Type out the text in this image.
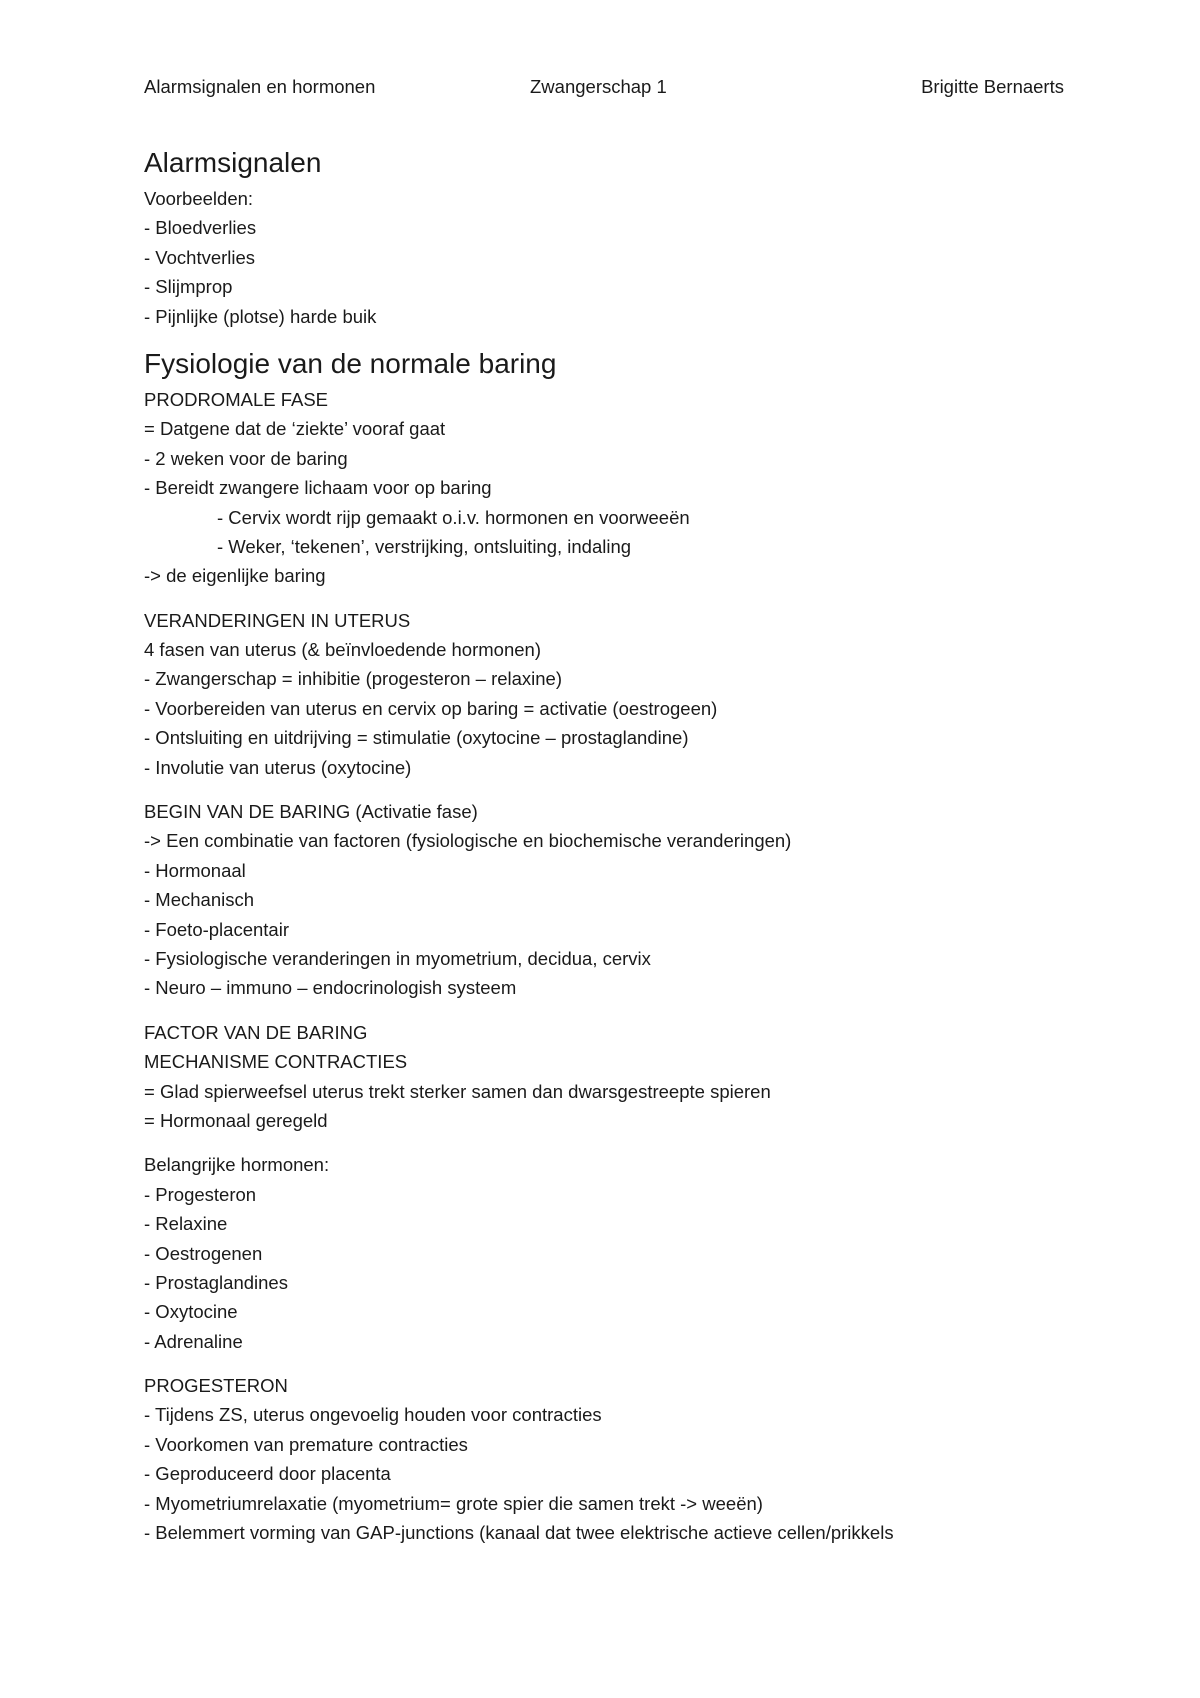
Alarmsignalen en hormonen	Zwangerschap 1	Brigitte Bernaerts
Alarmsignalen
Voorbeelden:
- Bloedverlies
- Vochtverlies
- Slijmprop
- Pijnlijke (plotse) harde buik
Fysiologie van de normale baring
PRODROMALE FASE
= Datgene dat de ‘ziekte’ vooraf gaat
- 2 weken voor de baring
- Bereidt zwangere lichaam voor op baring
- Cervix wordt rijp gemaakt o.i.v. hormonen en voorweeën
- Weker, ‘tekenen’, verstrijking, ontsluiting, indaling
-> de eigenlijke baring
VERANDERINGEN IN UTERUS
4 fasen van uterus (& beïnvloedende hormonen)
- Zwangerschap = inhibitie (progesteron – relaxine)
- Voorbereiden van uterus en cervix op baring = activatie (oestrogeen)
- Ontsluiting en uitdrijving = stimulatie (oxytocine – prostaglandine)
- Involutie van uterus (oxytocine)
BEGIN VAN DE BARING (Activatie fase)
-> Een combinatie van factoren (fysiologische en biochemische veranderingen)
- Hormonaal
- Mechanisch
- Foeto-placentair
- Fysiologische veranderingen in myometrium, decidua, cervix
- Neuro – immuno – endocrinologish systeem
FACTOR VAN DE BARING
MECHANISME CONTRACTIES
= Glad spierweefsel uterus trekt sterker samen dan dwarsgestreepte spieren
= Hormonaal geregeld
Belangrijke hormonen:
- Progesteron
- Relaxine
- Oestrogenen
- Prostaglandines
- Oxytocine
- Adrenaline
PROGESTERON
- Tijdens ZS, uterus ongevoelig houden voor contracties
- Voorkomen van premature contracties
- Geproduceerd door placenta
- Myometriumrelaxatie (myometrium= grote spier die samen trekt -> weeën)
- Belemmert vorming van GAP-junctions (kanaal dat twee elektrische actieve cellen/prikkels
